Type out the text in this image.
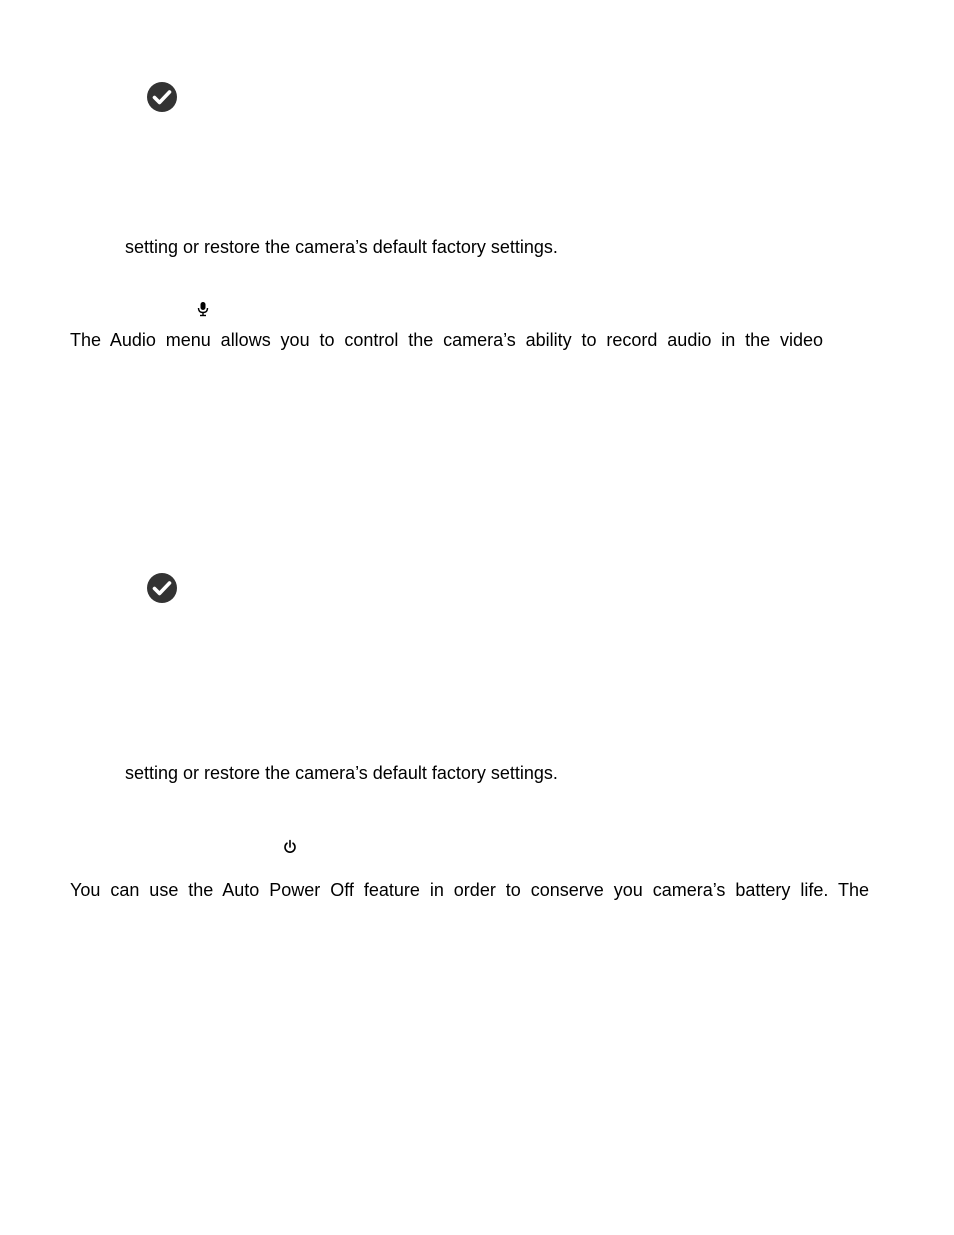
setting or restore the camera’s default factory settings.
The Audio menu allows you to control the camera’s ability to record audio in the video
setting or restore the camera’s default factory settings.
You can use the Auto Power Off feature in order to conserve you camera’s battery life. The
